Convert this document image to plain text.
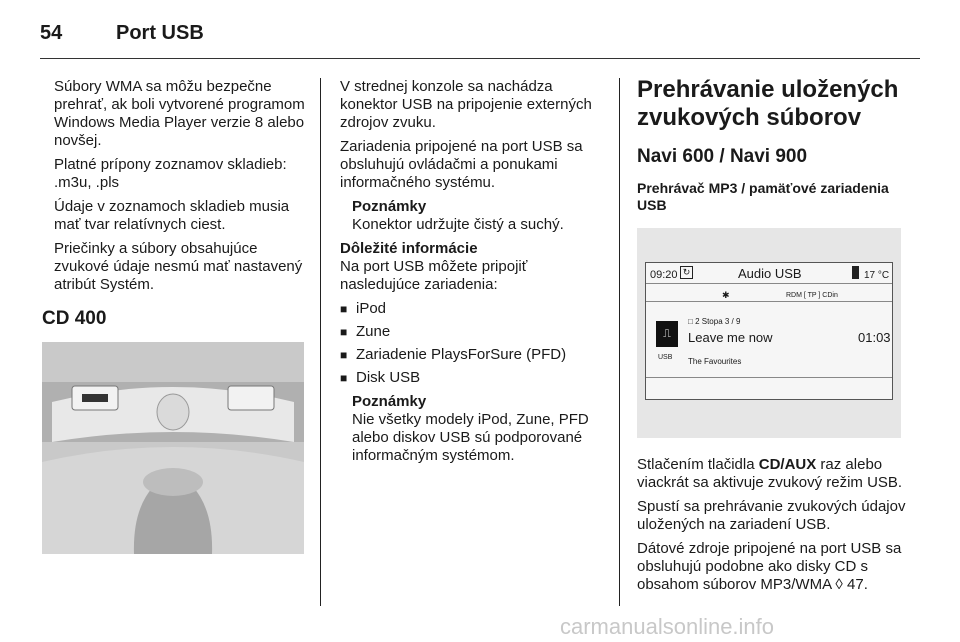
54	Port USB

Súbory WMA sa môžu bezpečne prehrať, ak boli vytvorené programom Windows Media Player verzie 8 alebo novšej.

Platné prípony zoznamov skladieb: .m3u, .pls

Údaje v zoznamoch skladieb musia mať tvar relatívnych ciest.

Priečinky a súbory obsahujúce zvukové údaje nesmú mať nastavený atribút Systém.

CD 400

V strednej konzole sa nachádza konektor USB na pripojenie externých zdrojov zvuku.

Zariadenia pripojené na port USB sa obsluhujú ovládačmi a ponukami informačného systému.

Poznámky
Konektor udržujte čistý a suchý.
Dôležité informácie

Na port USB môžete pripojiť nasledujúce zariadenia:

■ iPod
■ Zune
■ Zariadenie PlaysForSure (PFD)
■ Disk USB
Poznámky
Nie všetky modely iPod, Zune, PFD alebo diskov USB sú podporované informačným systémom.
Prehrávanie uložených zvukových súborov
Navi 600 / Navi 900
Prehrávač MP3 / pamäťové zariadenia USB
09:20 ↻	Audio USB	17 °C
✱	RDM [ TP ] CDin
⎍
USB
□ 2 Stopa 3 / 9
Leave me now	01:03
The Favourites

Stlačením tlačidla CD/AUX raz alebo viackrát sa aktivuje zvukový režim USB.

Spustí sa prehrávanie zvukových údajov uložených na zariadení USB.

Dátové zdroje pripojené na port USB sa obsluhujú podobne ako disky CD s obsahom súborov MP3/WMA ◊ 47.

carmanualsonline.info
